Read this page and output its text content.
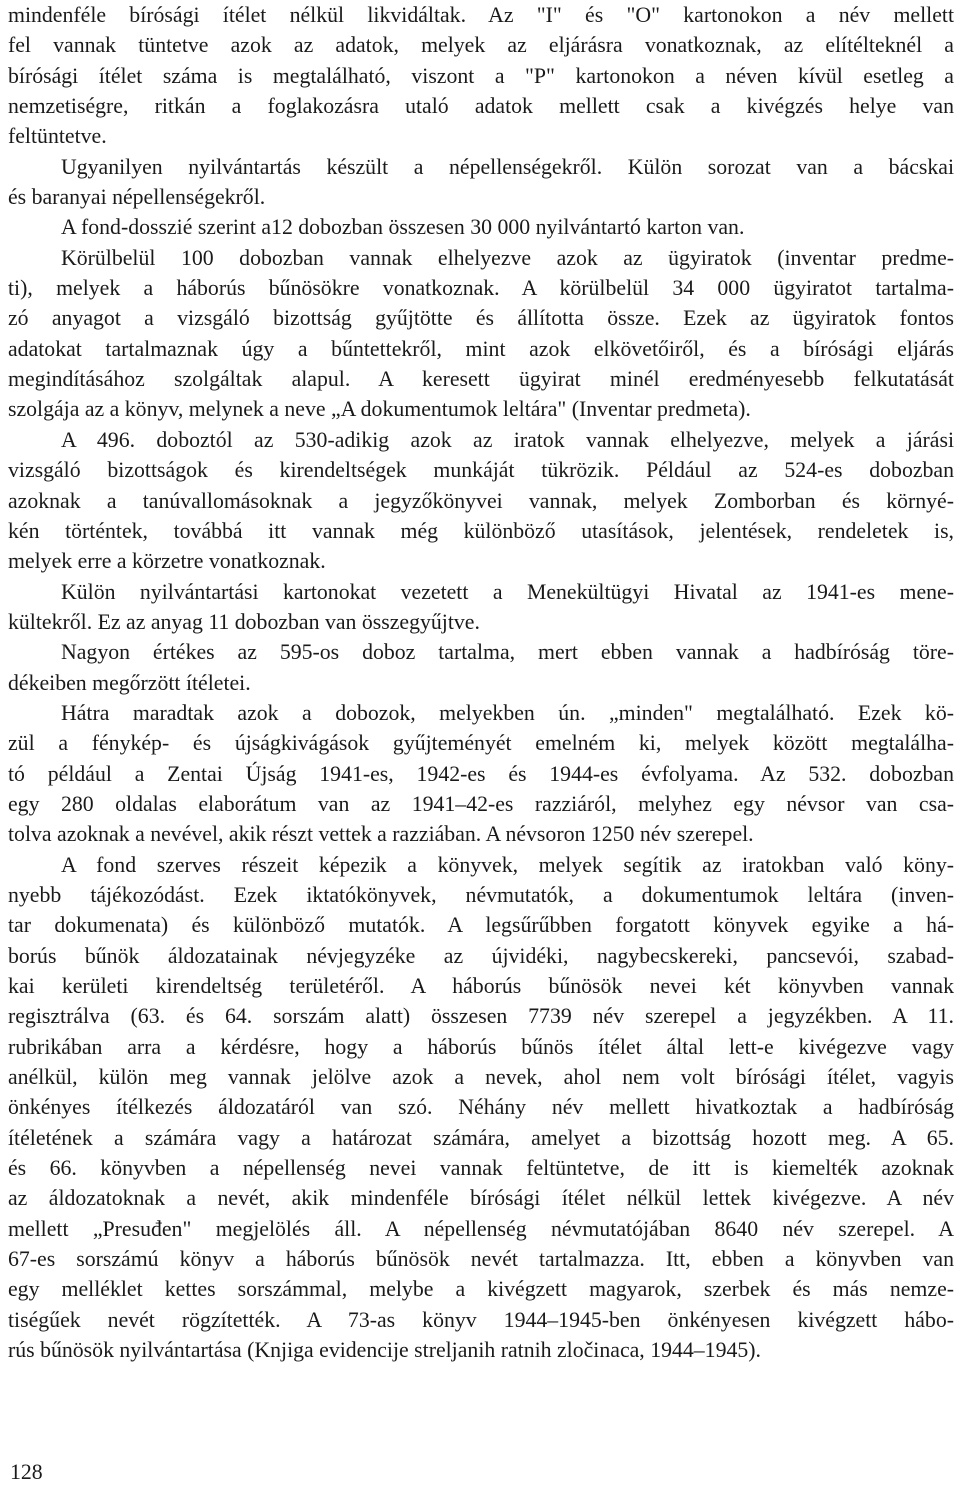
mindenféle bírósági ítélet nélkül likvidáltak. Az "I" és "O" kartonokon a név mellett
fel vannak tüntetve azok az adatok, melyek az eljárásra vonatkoznak, az elítélteknél a
bírósági ítélet száma is megtalálható, viszont a "P" kartonokon a néven kívül esetleg a
nemzetiségre, ritkán a foglakozásra utaló adatok mellett csak a kivégzés helye van
feltüntetve.
Ugyanilyen nyilvántartás készült a népellenségekről. Külön sorozat van a bácskai
és baranyai népellenségekről.
A fond-dosszié szerint a12 dobozban összesen 30 000 nyilvántartó karton van.
Körülbelül 100 dobozban vannak elhelyezve azok az ügyiratok (inventar predme-
ti), melyek a háborús bűnösökre vonatkoznak. A körülbelül 34 000 ügyiratot tartalma-
zó anyagot a vizsgáló bizottság gyűjtötte és állította össze. Ezek az ügyiratok fontos
adatokat tartalmaznak úgy a bűntettekről, mint azok elkövetőiről, és a bírósági eljárás
megindításához szolgáltak alapul. A keresett ügyirat minél eredményesebb felkutatását
szolgája az a könyv, melynek a neve „A dokumentumok leltára" (Inventar predmeta).
A 496. doboztól az 530-adikig azok az iratok vannak elhelyezve, melyek a járási
vizsgáló bizottságok és kirendeltségek munkáját tükrözik. Például az 524-es dobozban
azoknak a tanúvallomásoknak a jegyzőkönyvei vannak, melyek Zomborban és környé-
kén történtek, továbbá itt vannak még különböző utasítások, jelentések, rendeletek is,
melyek erre a körzetre vonatkoznak.
Külön nyilvántartási kartonokat vezetett a Menekültügyi Hivatal az 1941-es mene-
kültekről. Ez az anyag 11 dobozban van összegyűjtve.
Nagyon értékes az 595-os doboz tartalma, mert ebben vannak a hadbíróság töre-
dékeiben megőrzött ítéletei.
Hátra maradtak azok a dobozok, melyekben ún. „minden" megtalálható. Ezek kö-
zül a fénykép- és újságkivágások gyűjteményét emelném ki, melyek között megtalálha-
tó például a Zentai Újság 1941-es, 1942-es és 1944-es évfolyama. Az 532. dobozban
egy 280 oldalas elaborátum van az 1941–42-es razziáról, melyhez egy névsor van csa-
tolva azoknak a nevével, akik részt vettek a razziában. A névsoron 1250 név szerepel.
A fond szerves részeit képezik a könyvek, melyek segítik az iratokban való köny-
nyebb tájékozódást. Ezek iktatókönyvek, névmutatók, a dokumentumok leltára (inven-
tar dokumenata) és különböző mutatók. A legsűrűbben forgatott könyvek egyike a há-
borús bűnök áldozatainak névjegyzéke az újvidéki, nagybecskereki, pancsevói, szabad-
kai kerületi kirendeltség területéről. A háborús bűnösök nevei két könyvben vannak
regisztrálva (63. és 64. sorszám alatt) összesen 7739 név szerepel a jegyzékben. A 11.
rubrikában arra a kérdésre, hogy a háborús bűnös ítélet által lett-e kivégezve vagy
anélkül, külön meg vannak jelölve azok a nevek, ahol nem volt bírósági ítélet, vagyis
önkényes ítélkezés áldozatáról van szó. Néhány név mellett hivatkoztak a hadbíróság
ítéletének a számára vagy a határozat számára, amelyet a bizottság hozott meg. A 65.
és 66. könyvben a népellenség nevei vannak feltüntetve, de itt is kiemelték azoknak
az áldozatoknak a nevét, akik mindenféle bírósági ítélet nélkül lettek kivégezve. A név
mellett „Presuđen" megjelölés áll. A népellenség névmutatójában 8640 név szerepel. A
67-es sorszámú könyv a háborús bűnösök nevét tartalmazza. Itt, ebben a könyvben van
egy melléklet kettes sorszámmal, melybe a kivégzett magyarok, szerbek és más nemze-
tiségűek nevét rögzítették. A 73-as könyv 1944–1945-ben önkényesen kivégzett hábo-
rús bűnösök nyilvántartása (Knjiga evidencije streljanih ratnih zločinaca, 1944–1945).
128
